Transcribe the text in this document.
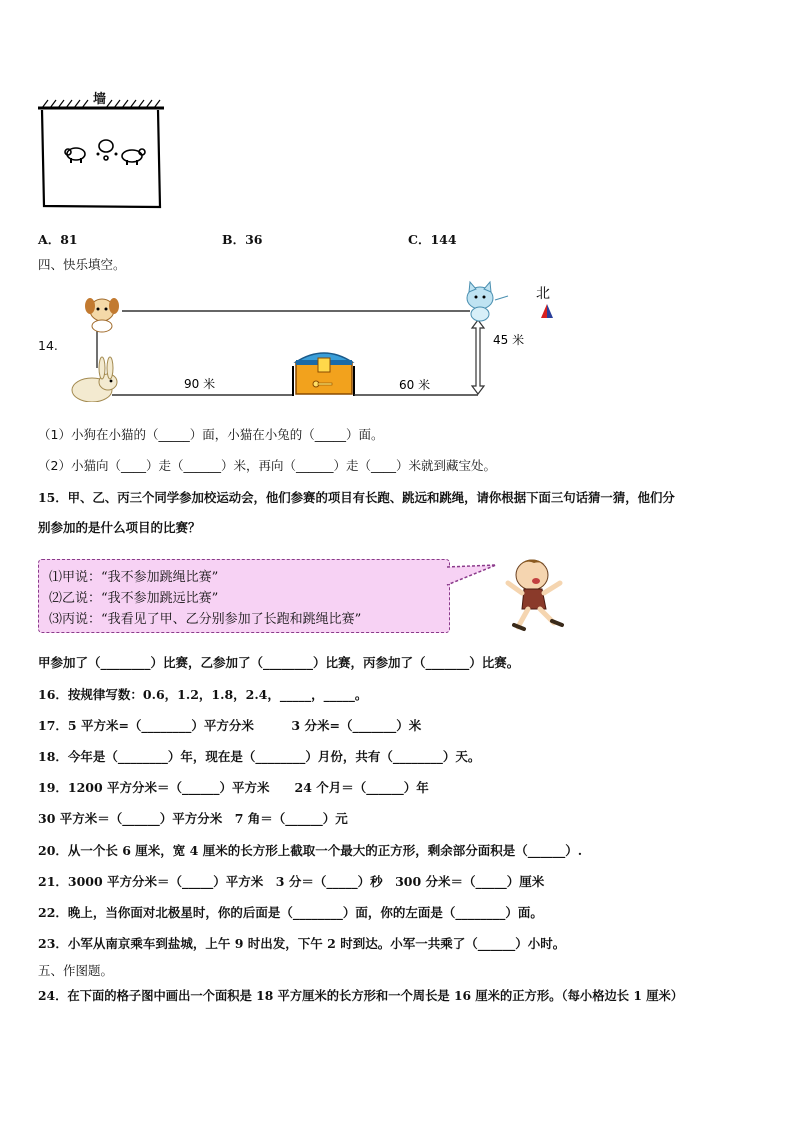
墙
A．81	B．36	C．144
四、快乐填空。
北
45 米
90 米	60 米
14.
（1）小狗在小猫的（_____）面，小猫在小兔的（_____）面。
（2）小猫向（____）走（______）米，再向（______）走（____）米就到藏宝处。
15．甲、乙、丙三个同学参加校运动会，他们参赛的项目有长跑、跳远和跳绳，请你根据下面三句话猜一猜，他们分
别参加的是什么项目的比赛？
⑴甲说：“我不参加跳绳比赛”
⑵乙说：“我不参加跳远比赛”
⑶丙说：“我看见了甲、乙分别参加了长跑和跳绳比赛”
甲参加了（________）比赛，乙参加了（________）比赛，丙参加了（_______）比赛。
16．按规律写数：0.6，1.2，1.8，2.4，_____，_____。
17．5 平方米=（________）平方分米　　　3 分米=（_______）米
18．今年是（________）年，现在是（________）月份，共有（________）天。
19．1200 平方分米＝（______）平方米　　24 个月＝（______）年
30 平方米＝（______）平方分米　7 角＝（______）元
20．从一个长 6 厘米，宽 4 厘米的长方形上截取一个最大的正方形，剩余部分面积是（______）.
21．3000 平方分米＝（_____）平方米　3 分＝（_____）秒　300 分米＝（_____）厘米
22．晚上，当你面对北极星时，你的后面是（________）面，你的左面是（________）面。
23．小军从南京乘车到盐城，上午 9 时出发，下午 2 时到达。小军一共乘了（______）小时。
五、作图题。
24．在下面的格子图中画出一个面积是 18 平方厘米的长方形和一个周长是 16 厘米的正方形。（每小格边长 1 厘米）
